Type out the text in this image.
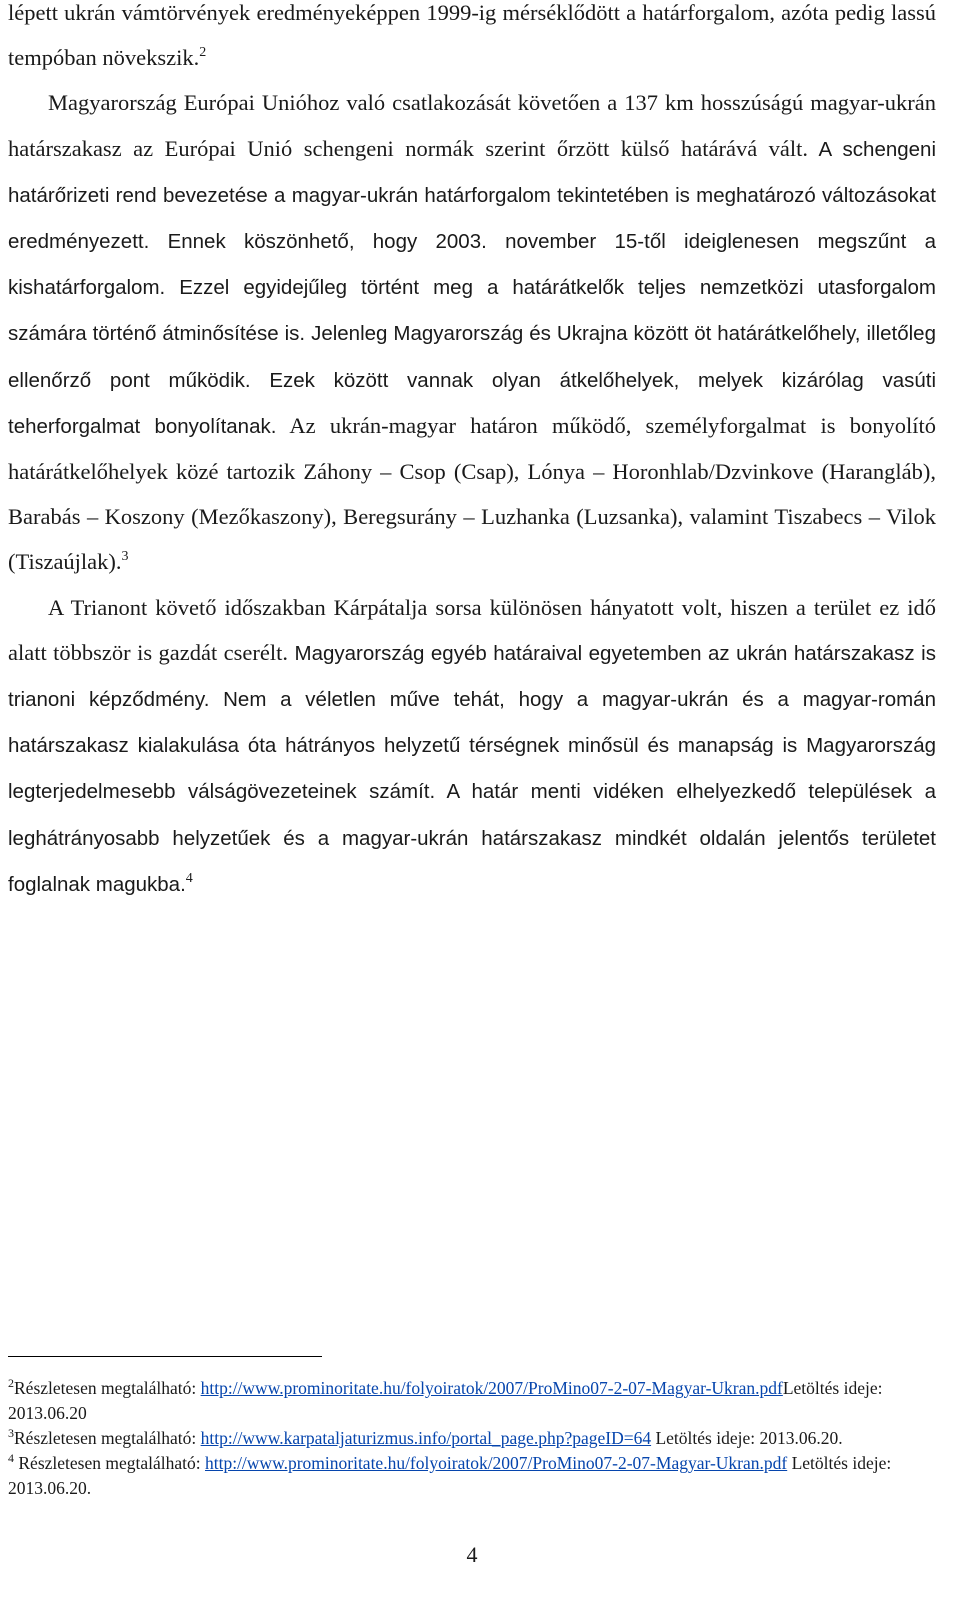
lépett ukrán vámtörvények eredményeképpen 1999-ig mérséklődött a határforgalom, azóta pedig lassú tempóban növekszik.$^2$

Magyarország Európai Unióhoz való csatlakozását követően a 137 km hosszúságú magyar-ukrán határszakasz az Európai Unió schengeni normák szerint őrzött külső határává vált. A schengeni határőrizeti rend bevezetése a magyar-ukrán határforgalom tekintetében is meghatározó változásokat eredményezett. Ennek köszönhető, hogy 2003. november 15-től ideiglenesen megszűnt a kishatárforgalom. Ezzel egyidejűleg történt meg a határátkelők teljes nemzetközi utasforgalom számára történő átminősítése is. Jelenleg Magyarország és Ukrajna között öt határátkelőhely, illetőleg ellenőrző pont működik. Ezek között vannak olyan átkelőhelyek, melyek kizárólag vasúti teherforgalmat bonyolítanak. Az ukrán-magyar határon működő, személyforgalmat is bonyolító határátkelőhelyek közé tartozik Záhony – Csop (Csap), Lónya – Horonhlab/Dzvinkove (Harangláb), Barabás – Koszony (Mezőkaszony), Beregsurány – Luzhanka (Luzsanka), valamint Tiszabecs – Vilok (Tiszaújlak).$^3$

A Trianont követő időszakban Kárpátalja sorsa különösen hányatott volt, hiszen a terület ez idő alatt többször is gazdát cserélt. Magyarország egyéb határaival egyetemben az ukrán határszakasz is trianoni képződmény. Nem a véletlen műve tehát, hogy a magyar-ukrán és a magyar-román határszakasz kialakulása óta hátrányos helyzetű térségnek minősül és manapság is Magyarország legterjedelmesebb válságövezeteinek számít. A határ menti vidéken elhelyezkedő települések a leghátrányosabb helyzetűek és a magyar-ukrán határszakasz mindkét oldalán jelentős területet foglalnak magukba.$^4$

$^2$Részletesen megtalálható: http://www.prominoritate.hu/folyoiratok/2007/ProMino07-2-07-Magyar-Ukran.pdfLetöltés ideje: 2013.06.20

$^3$Részletesen megtalálható: http://www.karpataljaturizmus.info/portal_page.php?pageID=64 Letöltés ideje: 2013.06.20.

$^4$ Részletesen megtalálható: http://www.prominoritate.hu/folyoiratok/2007/ProMino07-2-07-Magyar-Ukran.pdf Letöltés ideje: 2013.06.20.

4
